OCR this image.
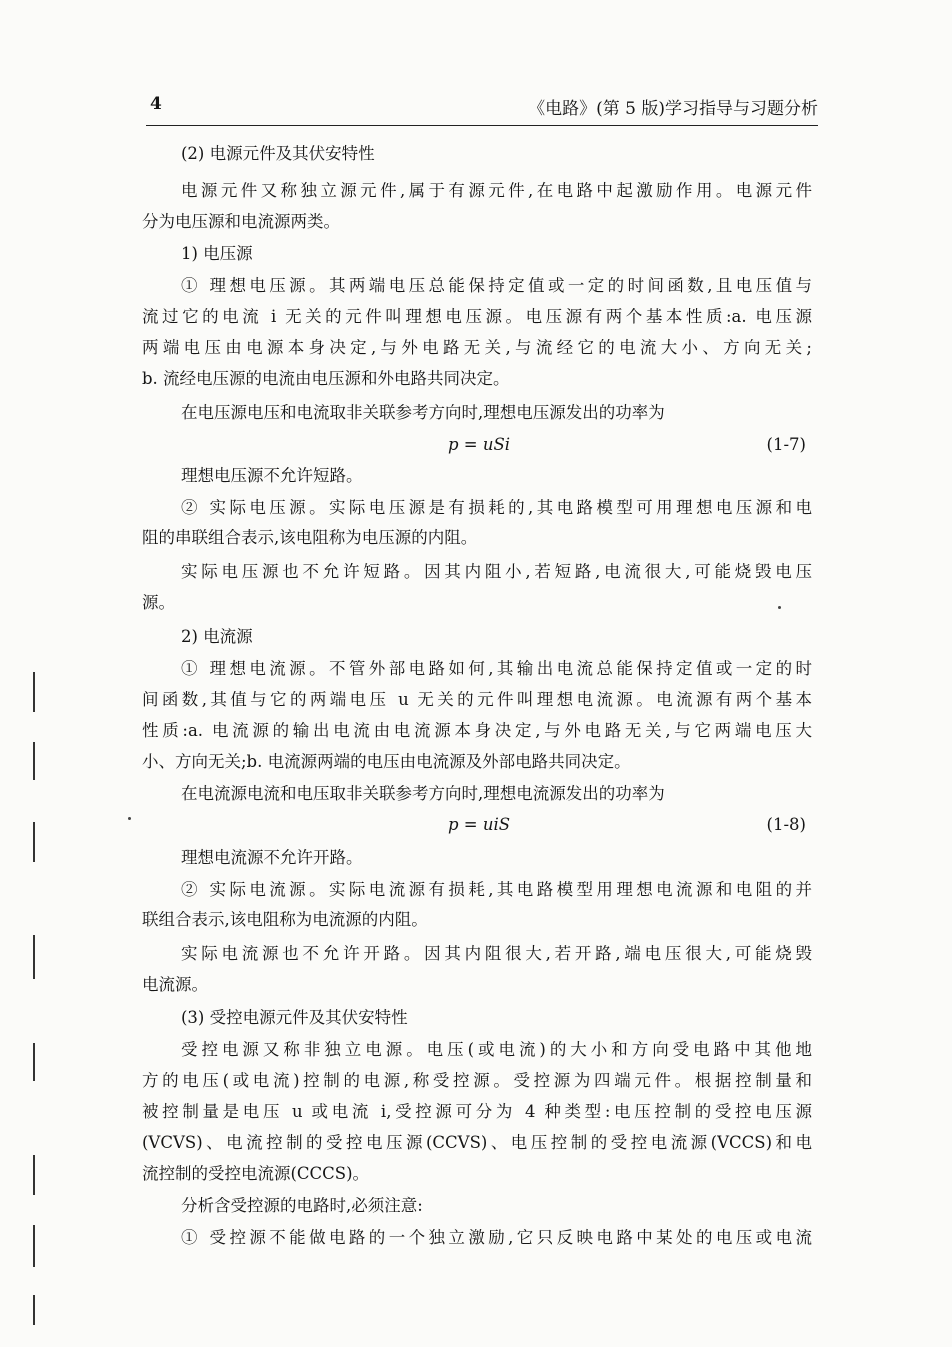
4	《电路》(第 5 版)学习指导与习题分析
(2) 电源元件及其伏安特性
电源元件又称独立源元件,属于有源元件,在电路中起激励作用。电源元件
分为电压源和电流源两类。
1) 电压源
① 理想电压源。其两端电压总能保持定值或一定的时间函数,且电压值与
流过它的电流 i 无关的元件叫理想电压源。电压源有两个基本性质:a. 电压源
两端电压由电源本身决定,与外电路无关,与流经它的电流大小、方向无关;
b. 流经电压源的电流由电压源和外电路共同决定。
在电压源电压和电流取非关联参考方向时,理想电压源发出的功率为
p = uSi	(1-7)
理想电压源不允许短路。
② 实际电压源。实际电压源是有损耗的,其电路模型可用理想电压源和电
阻的串联组合表示,该电阻称为电压源的内阻。
实际电压源也不允许短路。因其内阻小,若短路,电流很大,可能烧毁电压
源。
2) 电流源
① 理想电流源。不管外部电路如何,其输出电流总能保持定值或一定的时
间函数,其值与它的两端电压 u 无关的元件叫理想电流源。电流源有两个基本
性质:a. 电流源的输出电流由电流源本身决定,与外电路无关,与它两端电压大
小、方向无关;b. 电流源两端的电压由电流源及外部电路共同决定。
在电流源电流和电压取非关联参考方向时,理想电流源发出的功率为
p = uiS	(1-8)
理想电流源不允许开路。
② 实际电流源。实际电流源有损耗,其电路模型用理想电流源和电阻的并
联组合表示,该电阻称为电流源的内阻。
实际电流源也不允许开路。因其内阻很大,若开路,端电压很大,可能烧毁
电流源。
(3) 受控电源元件及其伏安特性
受控电源又称非独立电源。电压(或电流)的大小和方向受电路中其他地
方的电压(或电流)控制的电源,称受控源。受控源为四端元件。根据控制量和
被控制量是电压 u 或电流 i,受控源可分为 4 种类型:电压控制的受控电压源
(VCVS)、电流控制的受控电压源(CCVS)、电压控制的受控电流源(VCCS)和电
流控制的受控电流源(CCCS)。
分析含受控源的电路时,必须注意:
① 受控源不能做电路的一个独立激励,它只反映电路中某处的电压或电流
